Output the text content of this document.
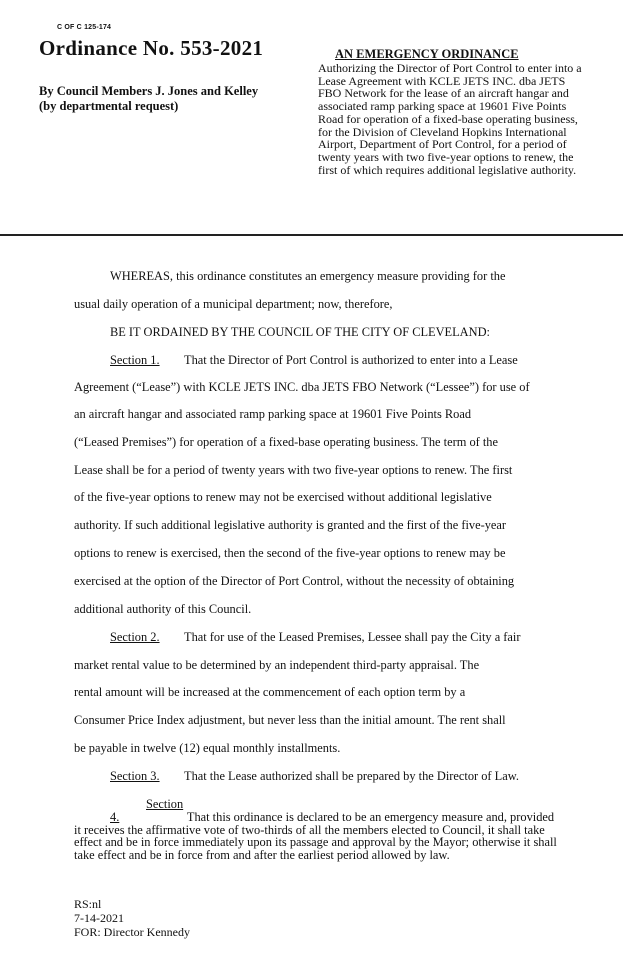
C OF C 125-174
Ordinance No. 553-2021
By Council Members J. Jones and Kelley
(by departmental request)
AN EMERGENCY ORDINANCE
Authorizing the Director of Port Control to enter into a Lease Agreement with KCLE JETS INC. dba JETS FBO Network for the lease of an aircraft hangar and associated ramp parking space at 19601 Five Points Road for operation of a fixed-base operating business, for the Division of Cleveland Hopkins International Airport, Department of Port Control, for a period of twenty years with two five-year options to renew, the first of which requires additional legislative authority.
WHEREAS, this ordinance constitutes an emergency measure providing for the
usual daily operation of a municipal department; now, therefore,
BE IT ORDAINED BY THE COUNCIL OF THE CITY OF CLEVELAND:
Section 1. That the Director of Port Control is authorized to enter into a Lease
Agreement (“Lease”) with KCLE JETS INC. dba JETS FBO Network (“Lessee”) for use of
an aircraft hangar and associated ramp parking space at 19601 Five Points Road
(“Leased Premises”) for operation of a fixed-base operating business. The term of the
Lease shall be for a period of twenty years with two five-year options to renew. The first
of the five-year options to renew may not be exercised without additional legislative
authority. If such additional legislative authority is granted and the first of the five-year
options to renew is exercised, then the second of the five-year options to renew may be
exercised at the option of the Director of Port Control, without the necessity of obtaining
additional authority of this Council.
Section 2. That for use of the Leased Premises, Lessee shall pay the City a fair
market rental value to be determined by an independent third-party appraisal. The
rental amount will be increased at the commencement of each option term by a
Consumer Price Index adjustment, but never less than the initial amount. The rent shall
be payable in twelve (12) equal monthly installments.
Section 3. That the Lease authorized shall be prepared by the Director of Law.
Section 4.	That this ordinance is declared to be an emergency measure and, provided it receives the affirmative vote of two-thirds of all the members elected to Council, it shall take effect and be in force immediately upon its passage and approval by the Mayor; otherwise it shall take effect and be in force from and after the earliest period allowed by law.
RS:nl
7-14-2021
FOR: Director Kennedy
